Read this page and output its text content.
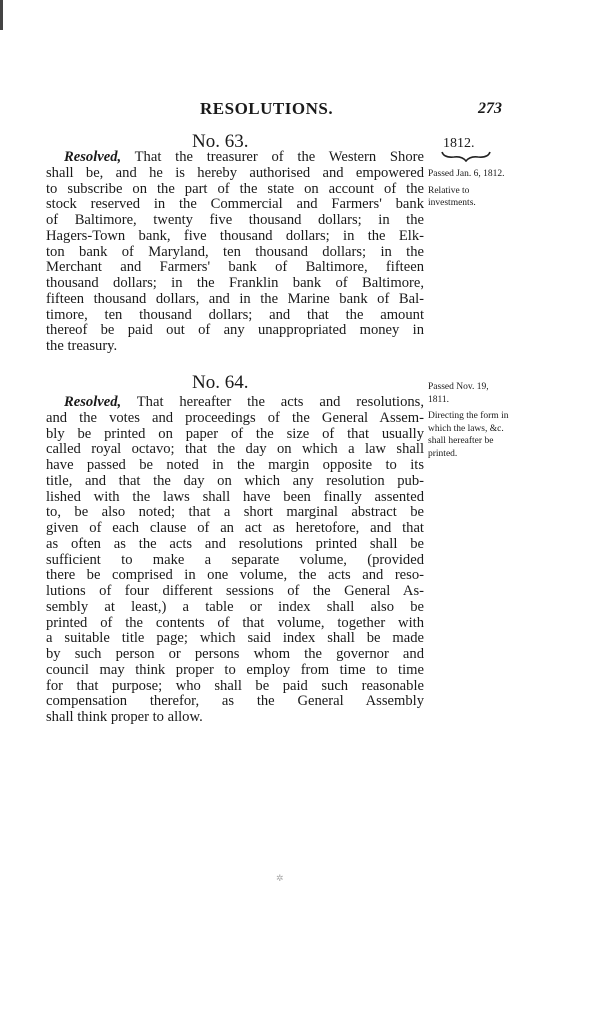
RESOLUTIONS.	273
1812.
No. 63.
Resolved, That the treasurer of the Western Shore
shall be, and he is hereby authorised and empowered
to subscribe on the part of the state on account of the
stock reserved in the Commercial and Farmers' bank
of Baltimore, twenty five thousand dollars; in the
Hagers-Town bank, five thousand dollars; in the Elk-
ton bank of Maryland, ten thousand dollars; in the
Merchant and Farmers' bank of Baltimore, fifteen
thousand dollars; in the Franklin bank of Baltimore,
fifteen thousand dollars, and in the Marine bank of Bal-
timore, ten thousand dollars; and that the amount
thereof be paid out of any unappropriated money in
the treasury.

Passed Jan. 6, 1812.

Relative to investments.

No. 64.
Resolved, That hereafter the acts and resolutions,
and the votes and proceedings of the General Assem-
bly be printed on paper of the size of that usually
called royal octavo; that the day on which a law shall
have passed be noted in the margin opposite to its
title, and that the day on which any resolution pub-
lished with the laws shall have been finally assented
to, be also noted; that a short marginal abstract be
given of each clause of an act as heretofore, and that
as often as the acts and resolutions printed shall be
sufficient to make a separate volume, (provided
there be comprised in one volume, the acts and reso-
lutions of four different sessions of the General As-
sembly at least,) a table or index shall also be
printed of the contents of that volume, together with
a suitable title page; which said index shall be made
by such person or persons whom the governor and
council may think proper to employ from time to time
for that purpose; who shall be paid such reasonable
compensation therefor, as the General Assembly
shall think proper to allow.

Passed Nov. 19, 1811.

Directing the form in which the laws, &c. shall hereafter be printed.

✲
